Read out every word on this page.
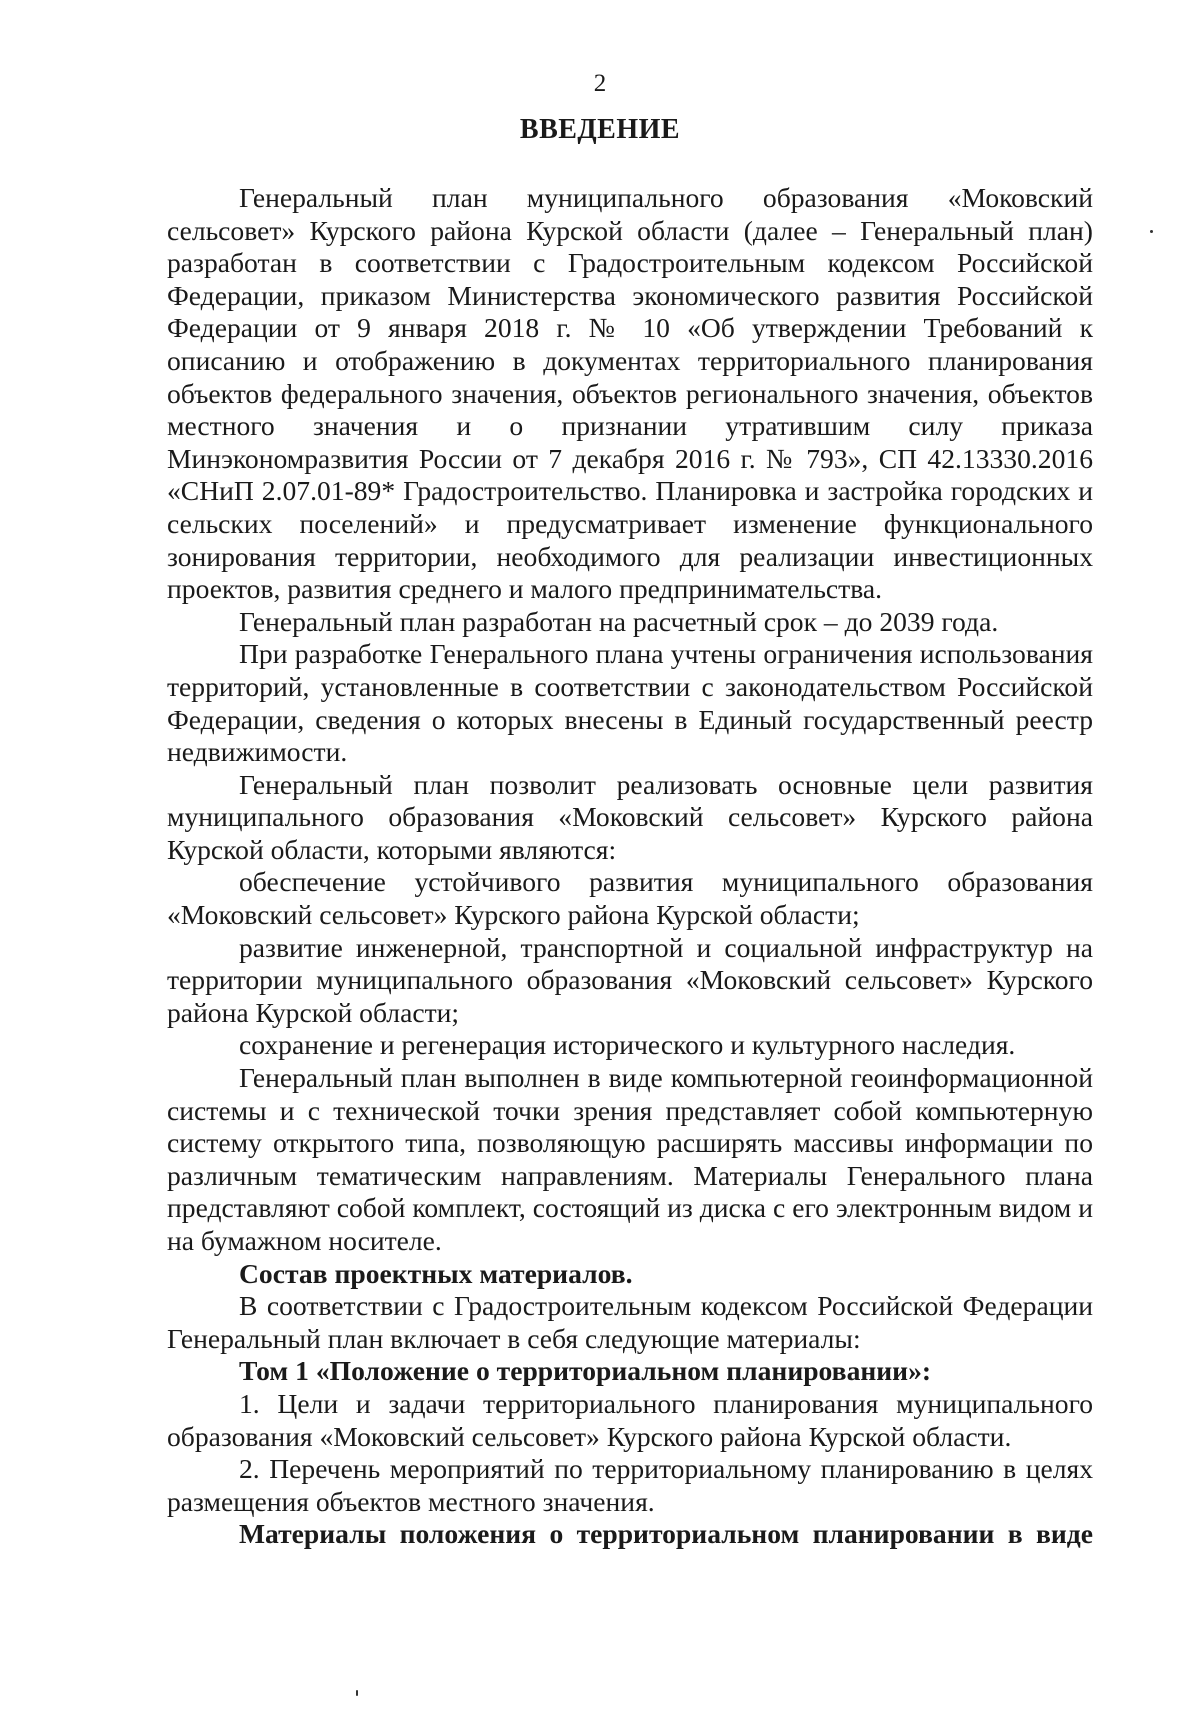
2
ВВЕДЕНИЕ

Генеральный план муниципального образования «Моковский сельсовет» Курского района Курской области (далее – Генеральный план) разработан в соответствии с Градостроительным кодексом Российской Федерации, приказом Министерства экономического развития Российской Федерации от 9 января 2018 г. № 10 «Об утверждении Требований к описанию и отображению в документах территориального планирования объектов федерального значения, объектов регионального значения, объектов местного значения и о признании утратившим силу приказа Минэкономразвития России от 7 декабря 2016 г. № 793», СП 42.13330.2016 «СНиП 2.07.01-89* Градостроительство. Планировка и застройка городских и сельских поселений» и предусматривает изменение функционального зонирования территории, необходимого для реализации инвестиционных проектов, развития среднего и малого предпринимательства.

Генеральный план разработан на расчетный срок – до 2039 года.

При разработке Генерального плана учтены ограничения использования территорий, установленные в соответствии с законодательством Российской Федерации, сведения о которых внесены в Единый государственный реестр недвижимости.

Генеральный план позволит реализовать основные цели развития муниципального образования «Моковский сельсовет» Курского района Курской области, которыми являются:

обеспечение устойчивого развития муниципального образования «Моковский сельсовет» Курского района Курской области;

развитие инженерной, транспортной и социальной инфраструктур на территории муниципального образования «Моковский сельсовет» Курского района Курской области;

сохранение и регенерация исторического и культурного наследия.

Генеральный план выполнен в виде компьютерной геоинформационной системы и с технической точки зрения представляет собой компьютерную систему открытого типа, позволяющую расширять массивы информации по различным тематическим направлениям. Материалы Генерального плана представляют собой комплект, состоящий из диска с его электронным видом и на бумажном носителе.

Состав проектных материалов.

В соответствии с Градостроительным кодексом Российской Федерации Генеральный план включает в себя следующие материалы:

Том 1 «Положение о территориальном планировании»:

1. Цели и задачи территориального планирования муниципального образования «Моковский сельсовет» Курского района Курской области.

2. Перечень мероприятий по территориальному планированию в целях размещения объектов местного значения.

Материалы положения о территориальном планировании в виде
